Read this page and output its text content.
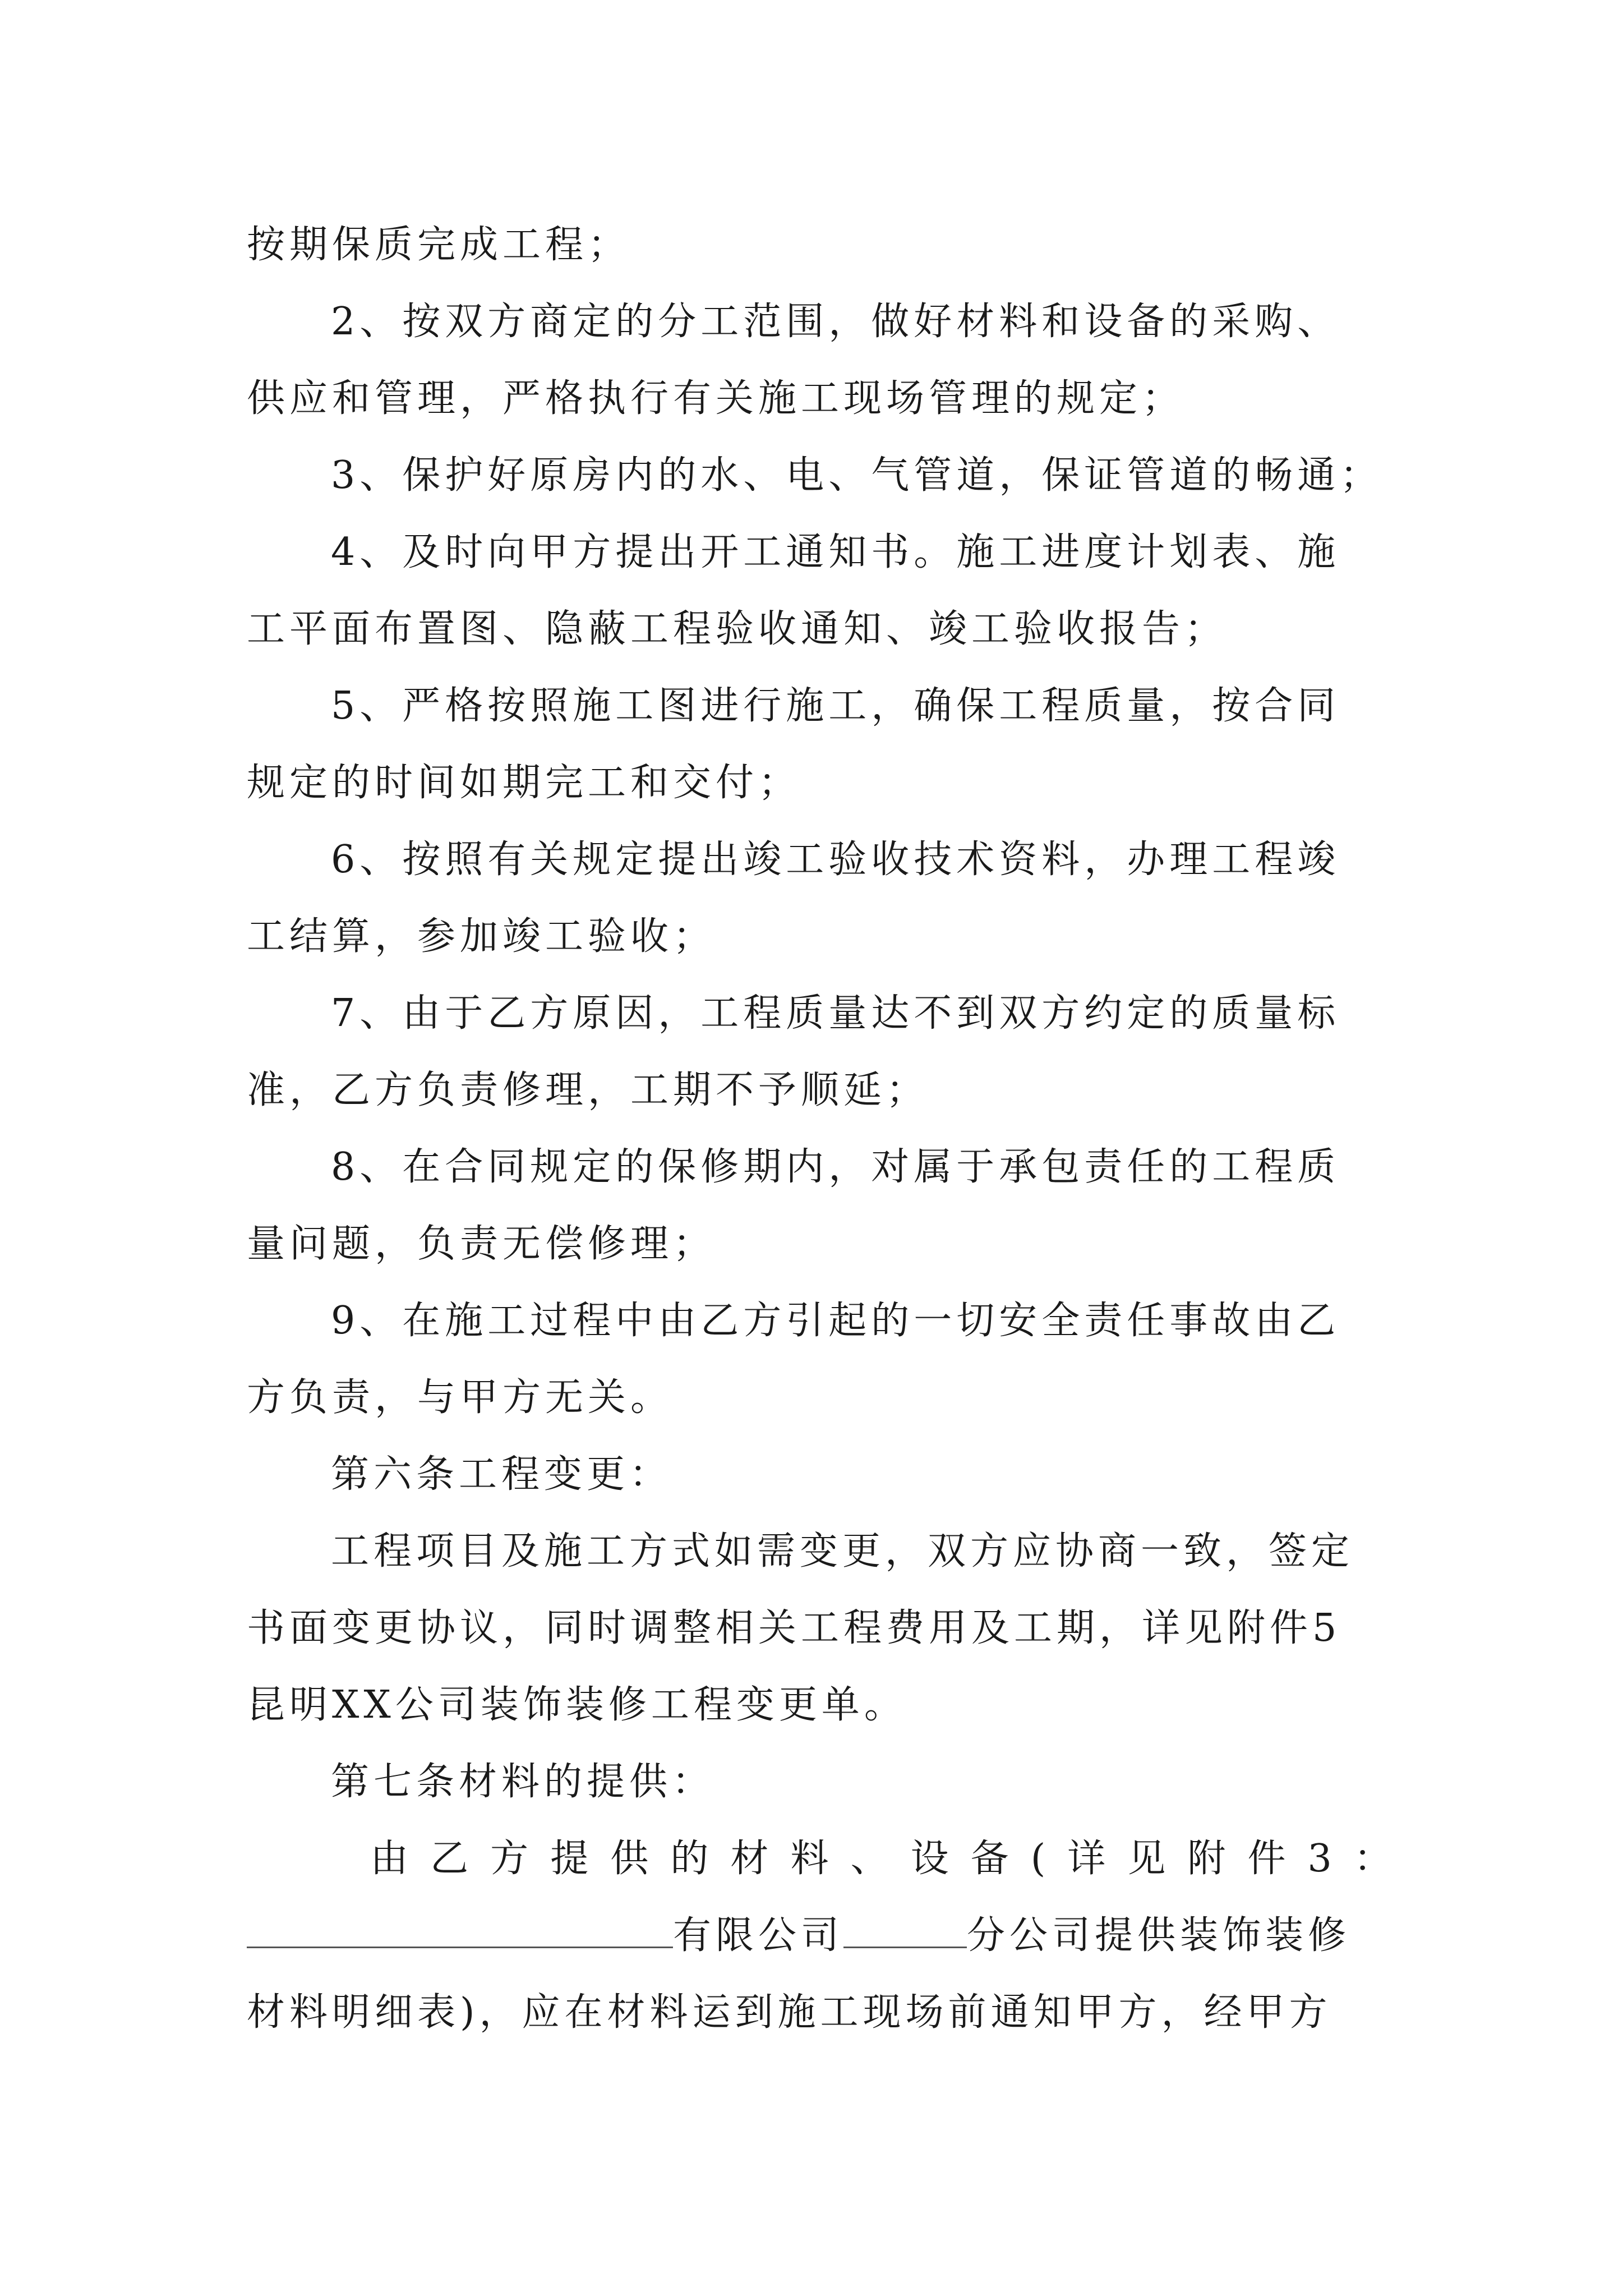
按期保质完成工程；
2、按双方商定的分工范围，做好材料和设备的采购、
供应和管理，严格执行有关施工现场管理的规定；
3、保护好原房内的水、电、气管道，保证管道的畅通；
4、及时向甲方提出开工通知书。施工进度计划表、施
工平面布置图、隐蔽工程验收通知、竣工验收报告；
5、严格按照施工图进行施工，确保工程质量，按合同
规定的时间如期完工和交付；
6、按照有关规定提出竣工验收技术资料，办理工程竣
工结算，参加竣工验收；
7、由于乙方原因，工程质量达不到双方约定的质量标
准，乙方负责修理，工期不予顺延；
8、在合同规定的保修期内，对属于承包责任的工程质
量问题，负责无偿修理；
9、在施工过程中由乙方引起的一切安全责任事故由乙
方负责，与甲方无关。
第六条工程变更：
工程项目及施工方式如需变更，双方应协商一致，签定
书面变更协议，同时调整相关工程费用及工期，详见附件5
昆明XX公司装饰装修工程变更单。
第七条材料的提供：
由 乙 方 提 供 的 材 料 、 设 备 ( 详 见 附 件 3 ：
有限公司	分公司提供装饰装修
材料明细表)，应在材料运到施工现场前通知甲方，经甲方
